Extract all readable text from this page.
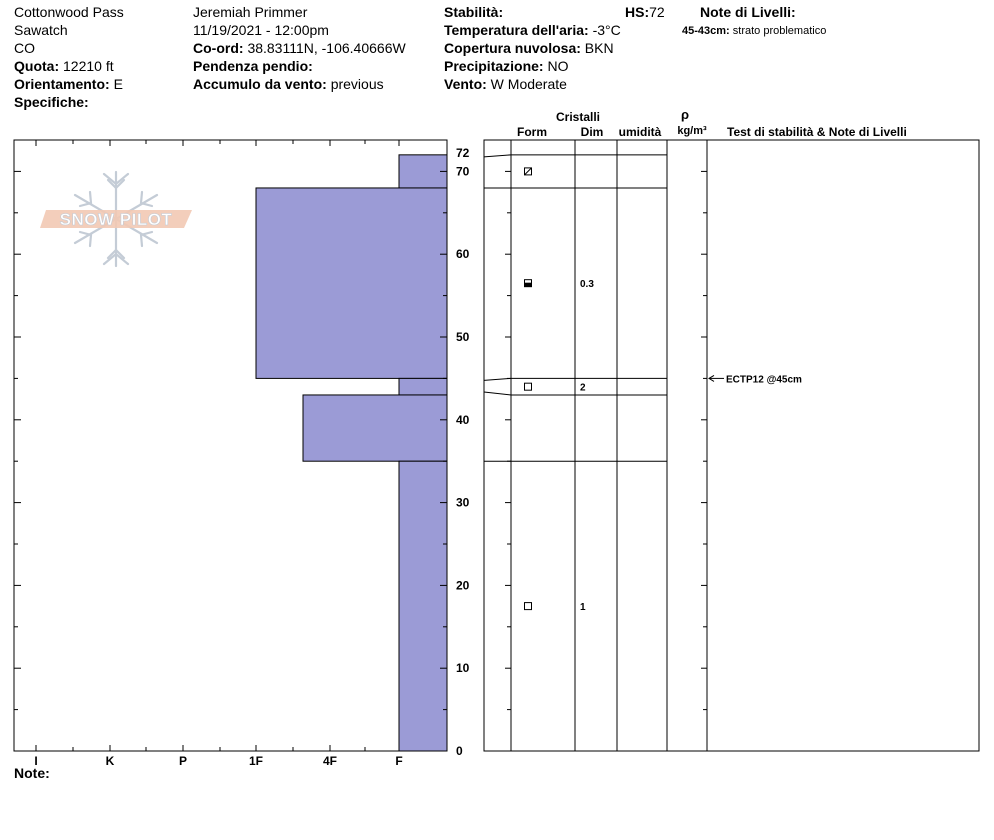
Cottonwood Pass
Sawatch
CO
Quota: 12210 ft
Orientamento: E
Specifiche:
Jeremiah Primmer
11/19/2021 - 12:00pm
Co-ord: 38.83111N, -106.40666W
Pendenza pendio:
Accumulo da vento: previous
Stabilità:	HS:72
Temperatura dell'aria: -3°C
Copertura nuvolosa: BKN
Precipitazione: NO
Vento: W Moderate
Note di Livelli:
45-43cm: strato problematico
SNOW PILOT
I	K	P	1F	4F	F
0
10
20
30
40
50
60
70
72
Note:
0.3
2
1
ECTP12 @45cm
Cristalli
Form	Dim umidità
ρ
kg/m³ Test di stabilità & Note di Livelli
